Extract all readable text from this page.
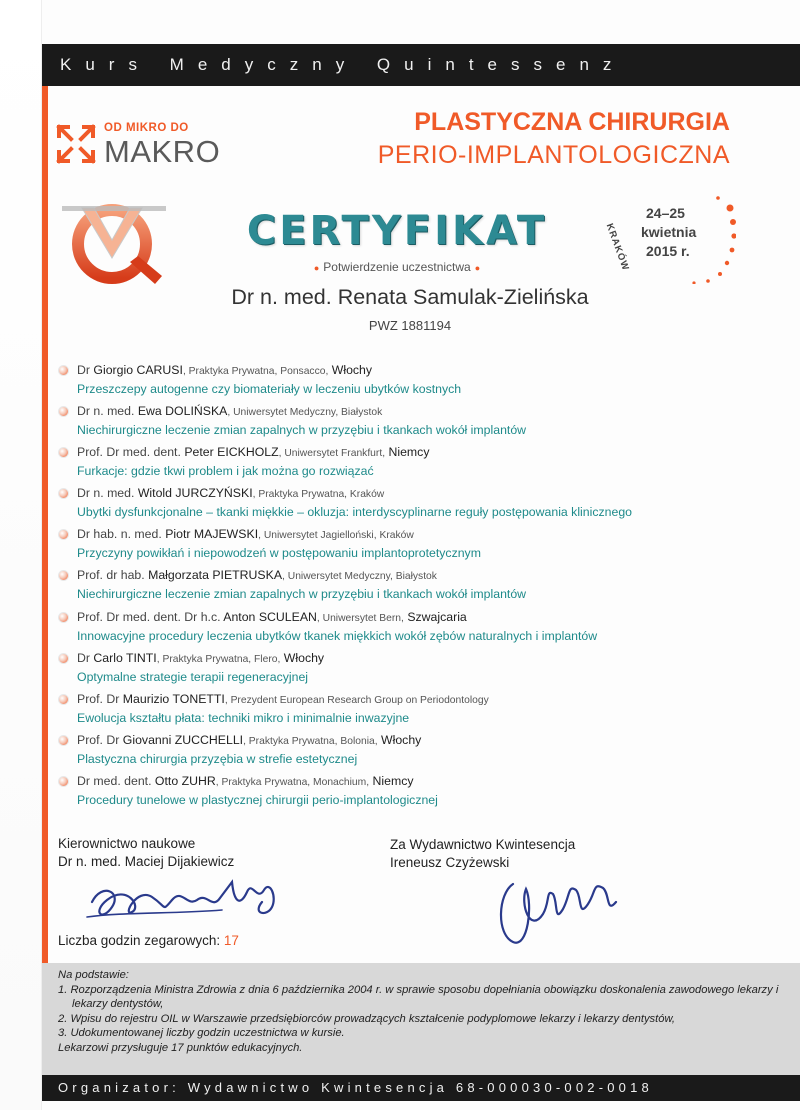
Kurs Medyczny Quintessenz
OD MIKRO DO
MAKRO
PLASTYCZNA CHIRURGIA
PERIO-IMPLANTOLOGICZNA
CERTYFIKAT
● Potwierdzenie uczestnictwa ●
24–25
kwietnia
2015 r.
KRAKÓW
Dr n. med. Renata Samulak-Zielińska
PWZ 1881194
Dr Giorgio CARUSI, Praktyka Prywatna, Ponsacco, Włochy
Przeszczepy autogenne czy biomateriały w leczeniu ubytków kostnych
Dr n. med. Ewa DOLIŃSKA, Uniwersytet Medyczny, Białystok
Niechirurgiczne leczenie zmian zapalnych w przyzębiu i tkankach wokół implantów
Prof. Dr med. dent. Peter EICKHOLZ, Uniwersytet Frankfurt, Niemcy
Furkacje: gdzie tkwi problem i jak można go rozwiązać
Dr n. med. Witold JURCZYŃSKI, Praktyka Prywatna, Kraków
Ubytki dysfunkcjonalne – tkanki miękkie – okluzja: interdyscyplinarne reguły postępowania klinicznego
Dr hab. n. med. Piotr MAJEWSKI, Uniwersytet Jagielloński, Kraków
Przyczyny powikłań i niepowodzeń w postępowaniu implantoprotetycznym
Prof. dr hab. Małgorzata PIETRUSKA, Uniwersytet Medyczny, Białystok
Niechirurgiczne leczenie zmian zapalnych w przyzębiu i tkankach wokół implantów
Prof. Dr med. dent. Dr h.c. Anton SCULEAN, Uniwersytet Bern, Szwajcaria
Innowacyjne procedury leczenia ubytków tkanek miękkich wokół zębów naturalnych i implantów
Dr Carlo TINTI, Praktyka Prywatna, Flero, Włochy
Optymalne strategie terapii regeneracyjnej
Prof. Dr Maurizio TONETTI, Prezydent European Research Group on Periodontology
Ewolucja kształtu płata: techniki mikro i minimalnie inwazyjne
Prof. Dr Giovanni ZUCCHELLI, Praktyka Prywatna, Bolonia, Włochy
Plastyczna chirurgia przyzębia w strefie estetycznej
Dr med. dent. Otto ZUHR, Praktyka Prywatna, Monachium, Niemcy
Procedury tunelowe w plastycznej chirurgii perio-implantologicznej
Kierownictwo naukowe
Dr n. med. Maciej Dijakiewicz
Za Wydawnictwo Kwintesencja
Ireneusz Czyżewski
Liczba godzin zegarowych: 17
Na podstawie:
1. Rozporządzenia Ministra Zdrowia z dnia 6 października 2004 r. w sprawie sposobu dopełniania obowiązku doskonalenia zawodowego lekarzy i lekarzy dentystów,
2. Wpisu do rejestru OIL w Warszawie przedsiębiorców prowadzących kształcenie podyplomowe lekarzy i lekarzy dentystów,
3. Udokumentowanej liczby godzin uczestnictwa w kursie.
Lekarzowi przysługuje 17 punktów edukacyjnych.
Organizator: Wydawnictwo Kwintesencja 68-000030-002-0018
